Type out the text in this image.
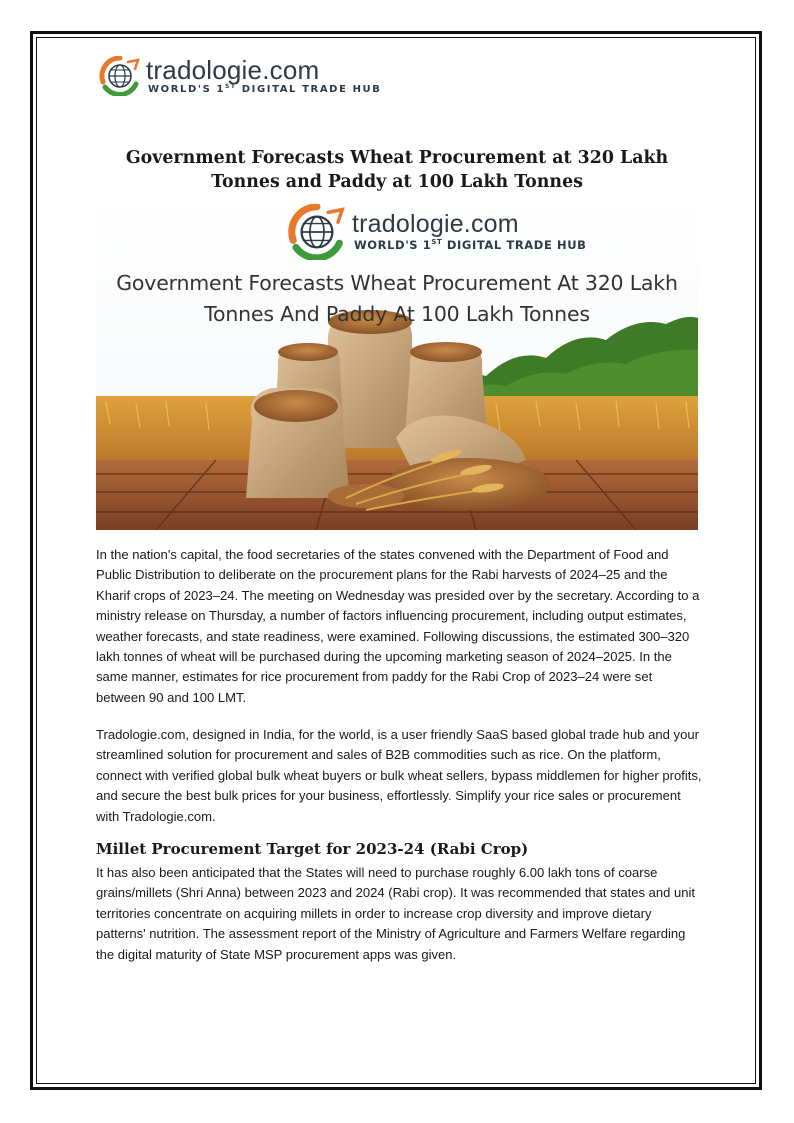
tradologie.com
WORLD'S 1ST DIGITAL TRADE HUB
Government Forecasts Wheat Procurement at 320 Lakh Tonnes and Paddy at 100 Lakh Tonnes
tradologie.com
WORLD'S 1ST DIGITAL TRADE HUB
Government Forecasts Wheat Procurement At 320 Lakh
Tonnes And Paddy At 100 Lakh Tonnes

In the nation's capital, the food secretaries of the states convened with the Department of Food and Public Distribution to deliberate on the procurement plans for the Rabi harvests of 2024–25 and the Kharif crops of 2023–24. The meeting on Wednesday was presided over by the secretary. According to a ministry release on Thursday, a number of factors influencing procurement, including output estimates, weather forecasts, and state readiness, were examined. Following discussions, the estimated 300–320 lakh tonnes of wheat will be purchased during the upcoming marketing season of 2024–2025. In the same manner, estimates for rice procurement from paddy for the Rabi Crop of 2023–24 were set between 90 and 100 LMT.

Tradologie.com, designed in India, for the world, is a user friendly SaaS based global trade hub and your streamlined solution for procurement and sales of B2B commodities such as rice. On the platform, connect with verified global bulk wheat buyers or bulk wheat sellers, bypass middlemen for higher profits, and secure the best bulk prices for your business, effortlessly. Simplify your rice sales or procurement with Tradologie.com.

Millet Procurement Target for 2023-24 (Rabi Crop)

It has also been anticipated that the States will need to purchase roughly 6.00 lakh tons of coarse grains/millets (Shri Anna) between 2023 and 2024 (Rabi crop). It was recommended that states and unit territories concentrate on acquiring millets in order to increase crop diversity and improve dietary patterns' nutrition. The assessment report of the Ministry of Agriculture and Farmers Welfare regarding the digital maturity of State MSP procurement apps was given.
